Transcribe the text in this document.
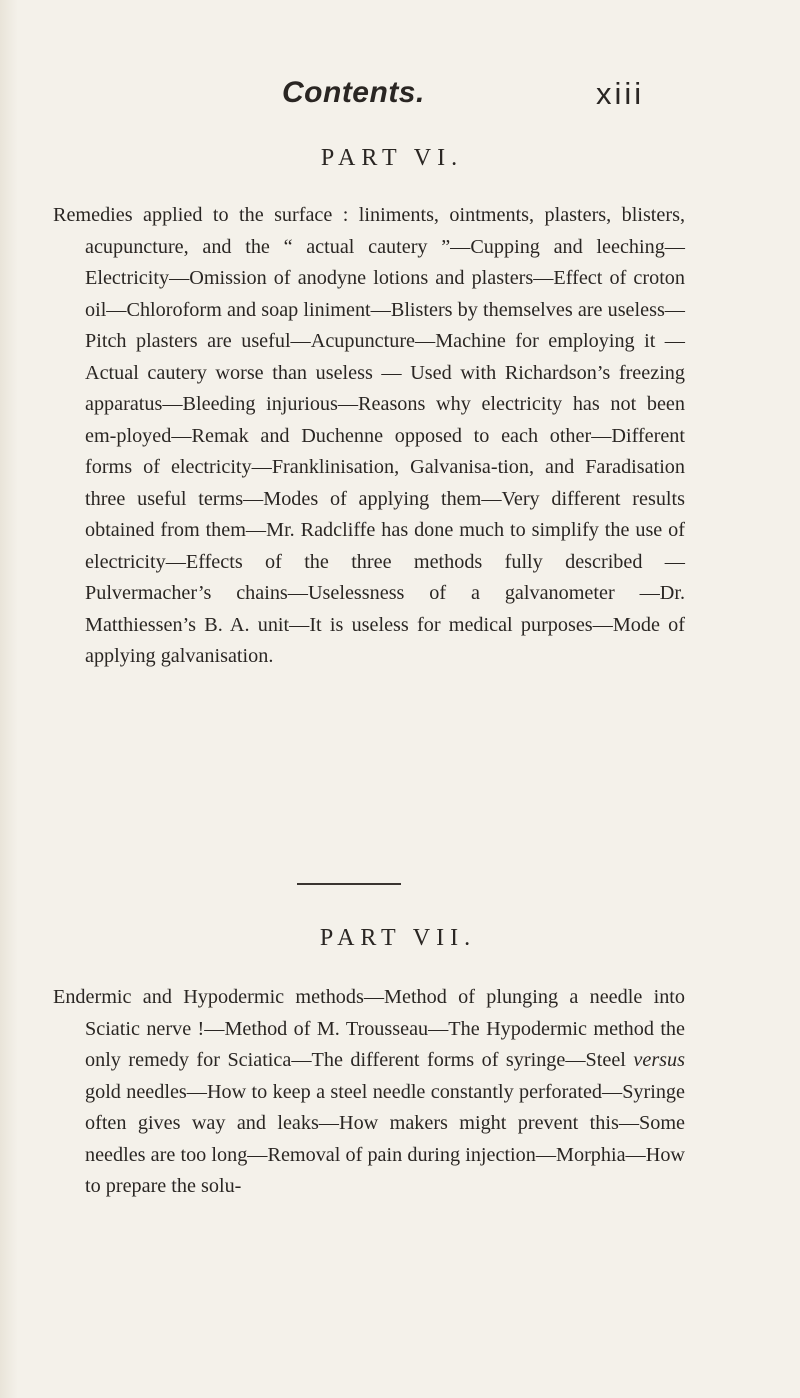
Contents.	xiii
PART VI.

Remedies applied to the surface : liniments, ointments, plasters, blisters, acupuncture, and the “ actual cautery ”—Cupping and leeching—Electricity—Omission of anodyne lotions and plasters—Effect of croton oil—Chloroform and soap liniment—Blisters by themselves are useless—Pitch plasters are useful—Acupuncture—Machine for employing it — Actual cautery worse than useless — Used with Richardson’s freezing apparatus—Bleeding injurious—Reasons why electricity has not been em-ployed—Remak and Duchenne opposed to each other—Different forms of electricity—Franklinisation, Galvanisa-tion, and Faradisation three useful terms—Modes of applying them—Very different results obtained from them—Mr. Radcliffe has done much to simplify the use of electricity—Effects of the three methods fully described —Pulvermacher’s chains—Uselessness of a galvanometer —Dr. Matthiessen’s B. A. unit—It is useless for medical purposes—Mode of applying galvanisation.

PART VII.

Endermic and Hypodermic methods—Method of plunging a needle into Sciatic nerve !—Method of M. Trousseau—The Hypodermic method the only remedy for Sciatica—The different forms of syringe—Steel versus gold needles—How to keep a steel needle constantly perforated—Syringe often gives way and leaks—How makers might prevent this—Some needles are too long—Removal of pain during injection—Morphia—How to prepare the solu-
